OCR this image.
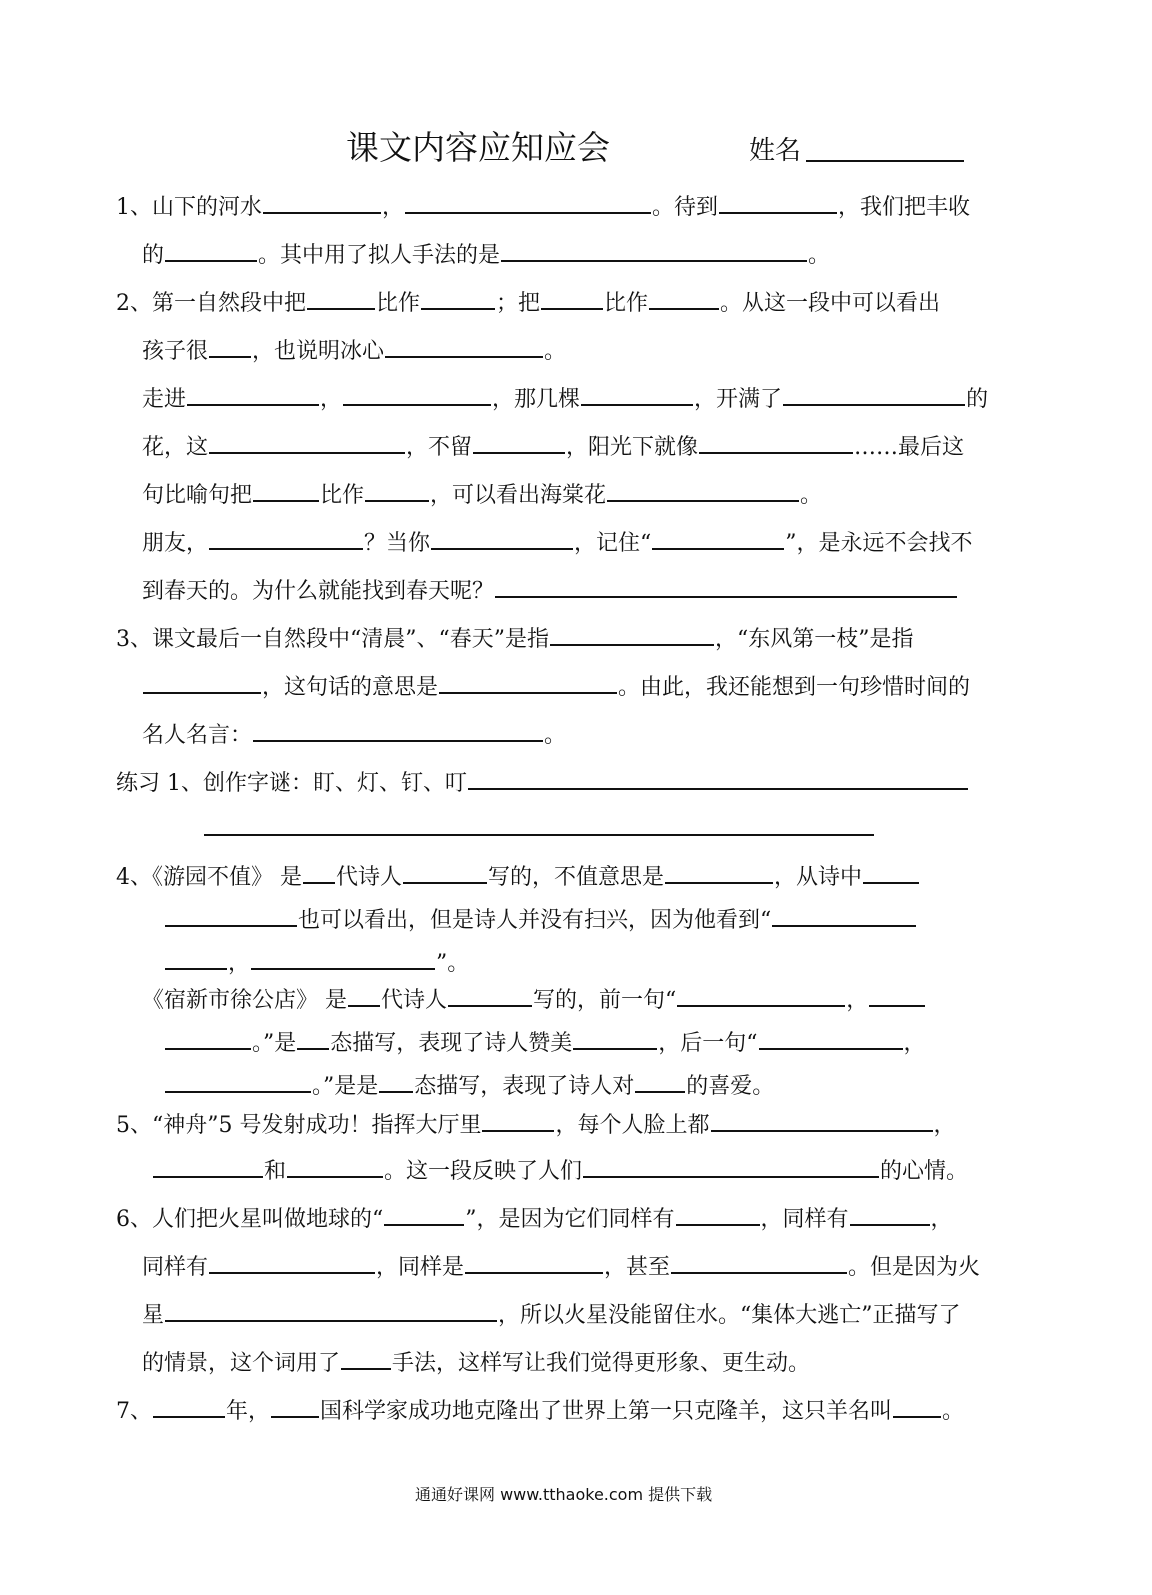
课文内容应知应会	姓名
1、山下的河水	，	。待到	，我们把丰收
的	。其中用了拟人手法的是	。
2、第一自然段中把	比作	；把	比作	。从这一段中可以看出
孩子很 ，也说明冰心	。
走进	，	，那几棵	，开满了	的
花，这	，不留	，阳光下就像	……最后这
句比喻句把	比作	，可以看出海棠花	。
朋友，	？当你	，记住“	”，是永远不会找不
到春天的。为什么就能找到春天呢？
3、课文最后一自然段中“清晨”、“春天”是指	，“东风第一枝”是指
，这句话的意思是	。由此，我还能想到一句珍惜时间的
名人名言：	。
练习 1、创作字谜：盯、灯、钉、叮
4、《游园不值》 是 代诗人	写的，不值意思是	，从诗中
也可以看出，但是诗人并没有扫兴，因为他看到“
，	”。
《宿新市徐公店》 是 代诗人	写的，前一句“	，
。”是 态描写，表现了诗人赞美	，后一句“	，
。”是是 态描写，表现了诗人对 的喜爱。
5、“神舟”5 号发射成功！指挥大厅里	，每个人脸上都	，
和	。这一段反映了人们	的心情。
6、人们把火星叫做地球的“	”，是因为它们同样有	，同样有	，
同样有	，同样是	，甚至	。但是因为火
星	，所以火星没能留住水。“集体大逃亡”正描写了
的情景，这个词用了 手法，这样写让我们觉得更形象、更生动。
7、	年， 国科学家成功地克隆出了世界上第一只克隆羊，这只羊名叫 。
通通好课网 www.tthaoke.com 提供下载
